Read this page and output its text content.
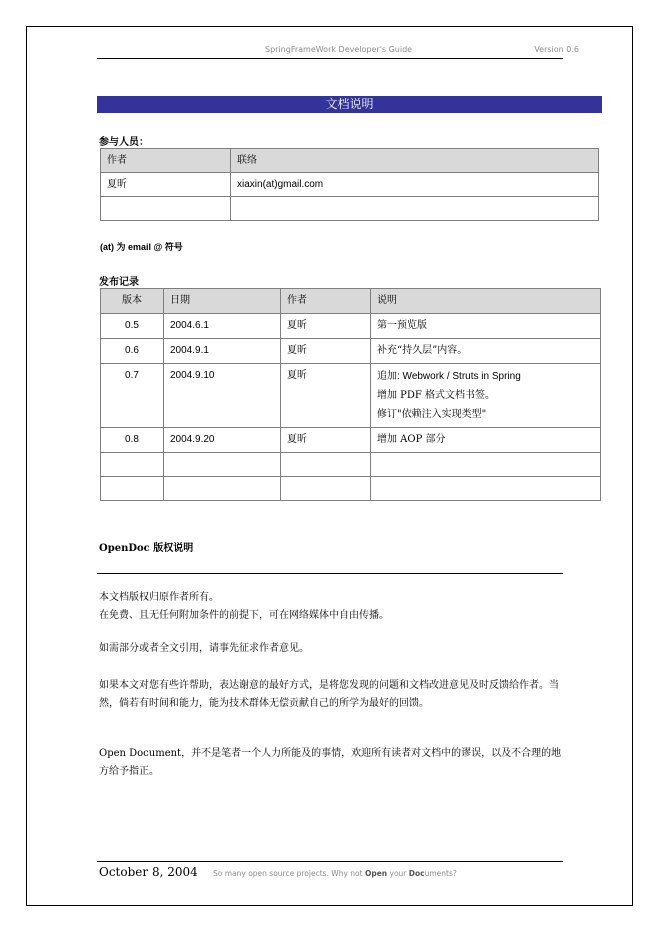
SpringFrameWork Developer's Guide	Version 0.6
文档说明
参与人员：
作者	联络
夏昕	xiaxin(at)gmail.com

(at) 为 email @ 符号
发布记录
版本	日期	作者	说明
0.5	2004.6.1	夏昕	第一预览版
0.6	2004.9.1	夏昕	补充“持久层”内容。
0.7	2004.9.10	夏昕	追加: Webwork / Struts in Spring
增加 PDF 格式文档书签。
修订"依赖注入实现类型"

0.8	2004.9.20	夏昕	增加 AOP 部分

OpenDoc 版权说明
本文档版权归原作者所有。
在免费、且无任何附加条件的前提下，可在网络媒体中自由传播。
如需部分或者全文引用，请事先征求作者意见。
如果本文对您有些许帮助，表达谢意的最好方式，是将您发现的问题和文档改进意见及时反馈给作者。当然，倘若有时间和能力，能为技术群体无偿贡献自己的所学为最好的回馈。
Open Document，并不是笔者一个人力所能及的事情，欢迎所有读者对文档中的谬误，以及不合理的地方给予指正。
October 8, 2004 So many open source projects. Why not Open your Documents?
